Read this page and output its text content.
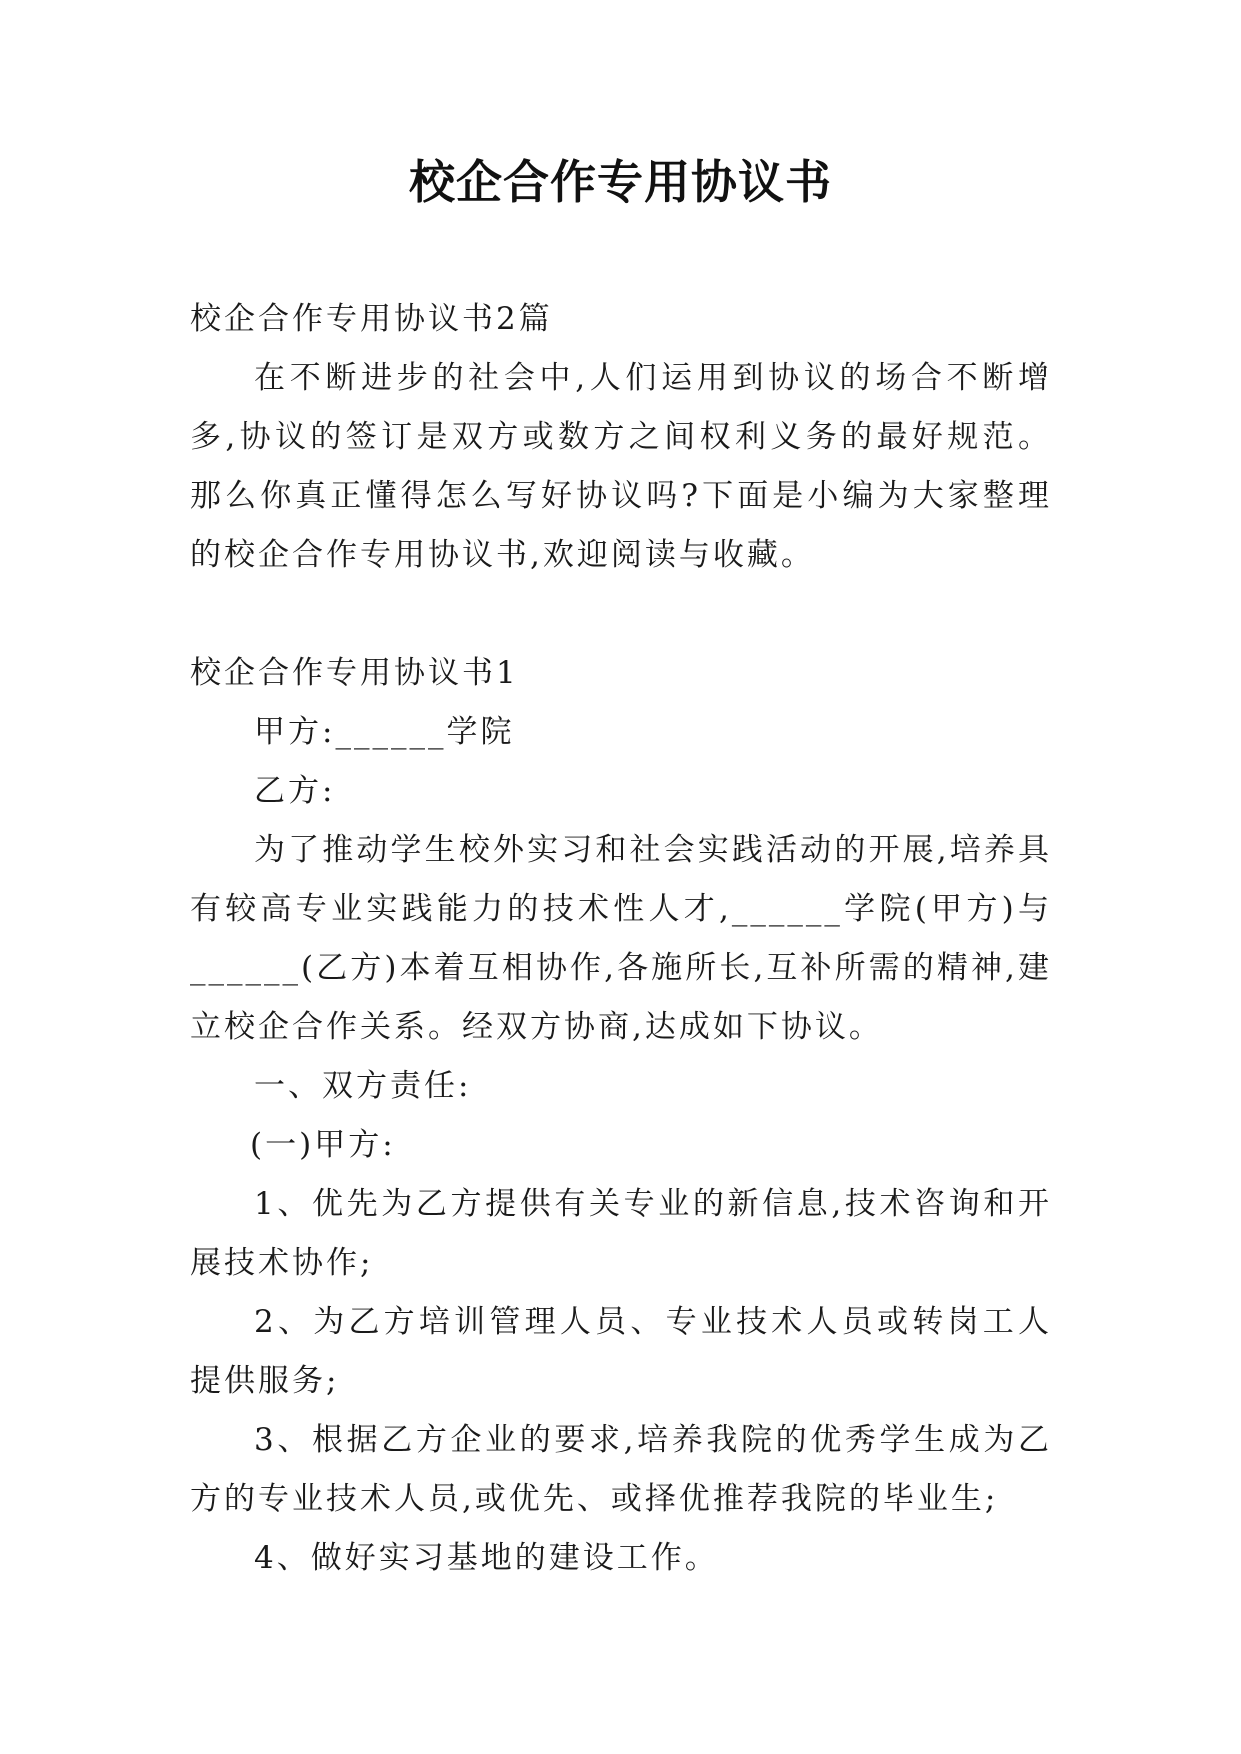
校企合作专用协议书

校企合作专用协议书2篇

在不断进步的社会中,人们运用到协议的场合不断增多,协议的签订是双方或数方之间权利义务的最好规范。那么你真正懂得怎么写好协议吗?下面是小编为大家整理的校企合作专用协议书,欢迎阅读与收藏。

校企合作专用协议书1

甲方:______学院

乙方:

为了推动学生校外实习和社会实践活动的开展,培养具有较高专业实践能力的技术性人才,______学院(甲方)与______(乙方)本着互相协作,各施所长,互补所需的精神,建立校企合作关系。经双方协商,达成如下协议。

一、双方责任:

(一)甲方:

1、优先为乙方提供有关专业的新信息,技术咨询和开展技术协作;

2、为乙方培训管理人员、专业技术人员或转岗工人提供服务;

3、根据乙方企业的要求,培养我院的优秀学生成为乙方的专业技术人员,或优先、或择优推荐我院的毕业生;

4、做好实习基地的建设工作。
